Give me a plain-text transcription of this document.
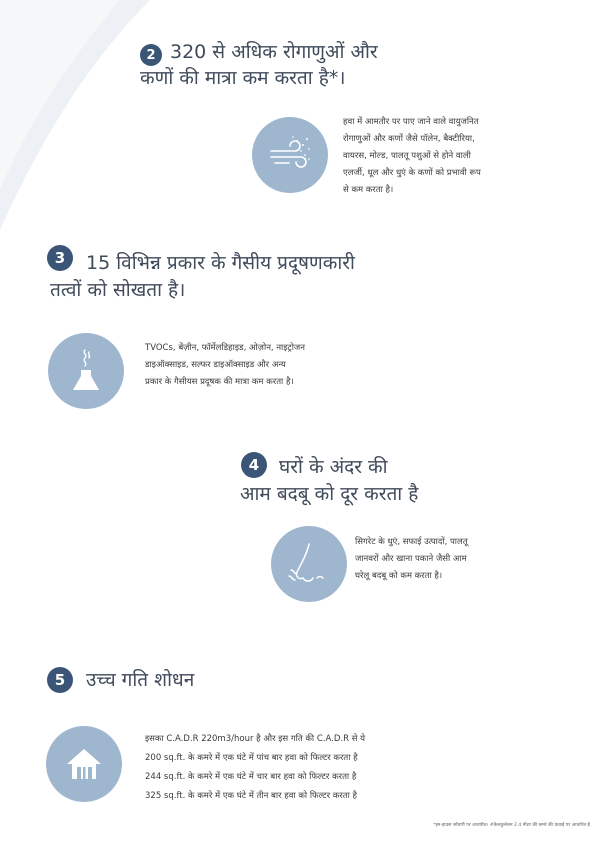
2 320 से अधिक रोगाणुओं और
कणों की मात्रा कम करता है*।
हवा में आमतौर पर पाए जाने वाले वायुजनित
रोगाणुओं और कणों जैसे पॉलेन, बैक्टीरिया,
वायरस, मोल्ड, पालतू पशुओं से होने वाली
एलर्जी, धूल और धुएं के कणों को प्रभावी रूप
से कम करता है।
3	15 विभिन्न प्रकार के गैसीय प्रदूषणकारी
तत्वों को सोखता है।
TVOCs, बेंज़ीन, फॉर्मेलडिहाइड, ओज़ोन, नाइट्रोजन
डाइऑक्साइड, सल्फर डाइऑक्साइड और अन्य
प्रकार के गैसीयस प्रदूषक की मात्रा कम करता है।
4	घरों के अंदर की
आम बदबू को दूर करता है
सिगरेट के धुएं, सफाई उत्पादों, पालतू
जानवरों और खाना पकाने जैसी आम
घरेलू बदबू को कम करता है।
5	उच्च गति शोधन
इसका C.A.D.R 220m3/hour है और इस गति की C.A.D.R से ये
200 sq.ft. के कमरे में एक घंटे में पांच बार हवा को फिल्टर करता है
244 sq.ft. के कमरे में एक घंटे में चार बार हवा को फिल्टर करता है
325 sq.ft. के कमरे में एक घंटे में तीन बार हवा को फिल्टर करता है
*इन-हाउस जाँचणी पर आधारित। #कैलकुलेशन 2.4 मीटर की कमरे की ऊंचाई पर आधारित है
